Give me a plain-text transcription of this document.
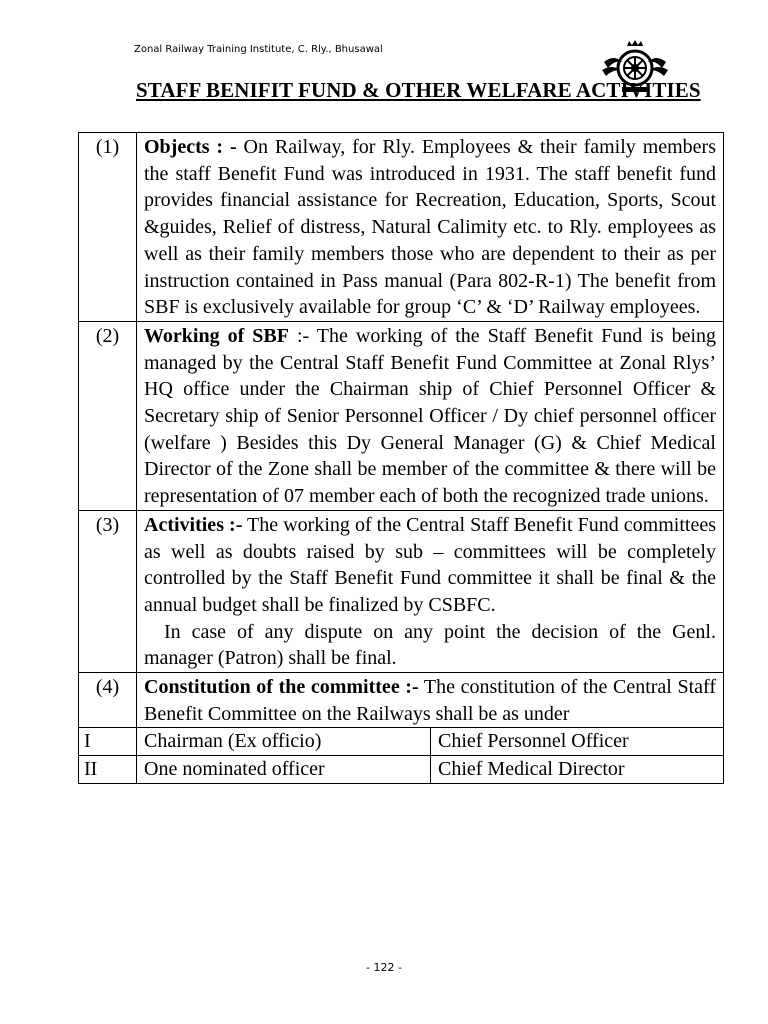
Zonal Railway Training Institute, C. Rly., Bhusawal
STAFF BENIFIT FUND & OTHER WELFARE ACTIVITIES
(1)	Objects : - On Railway, for Rly. Employees & their family members the staff Benefit Fund was introduced in 1931. The staff benefit fund provides financial assistance for Recreation, Education, Sports, Scout &guides, Relief of distress, Natural Calimity etc. to Rly. employees as well as their family members those who are dependent to their as per instruction contained in Pass manual (Para 802-R-1) The benefit from SBF is exclusively available for group ‘C’ & ‘D’ Railway employees.	

(2)	Working of SBF :- The working of the Staff Benefit Fund is being managed by the Central Staff Benefit Fund Committee at Zonal Rlys’ HQ office under the Chairman ship of Chief Personnel Officer & Secretary ship of Senior Personnel Officer / Dy chief personnel officer (welfare ) Besides this Dy General Manager (G) & Chief Medical Director of the Zone shall be member of the committee & there will be representation of 07 member each of both the recognized trade unions.	

(3)	Activities :- The working of the Central Staff Benefit Fund committees as well as doubts raised by sub – committees will be completely controlled by the Staff Benefit Fund committee it shall be final & the annual budget shall be finalized by CSBFC.

In case of any dispute on any point the decision of the Genl. manager (Patron) shall be final.	

(4)	Constitution of the committee :- The constitution of the Central Staff Benefit Committee on the Railways shall be as under	

I	Chairman (Ex officio)	Chief Personnel Officer
II	One nominated officer	Chief Medical Director
- 122 -
